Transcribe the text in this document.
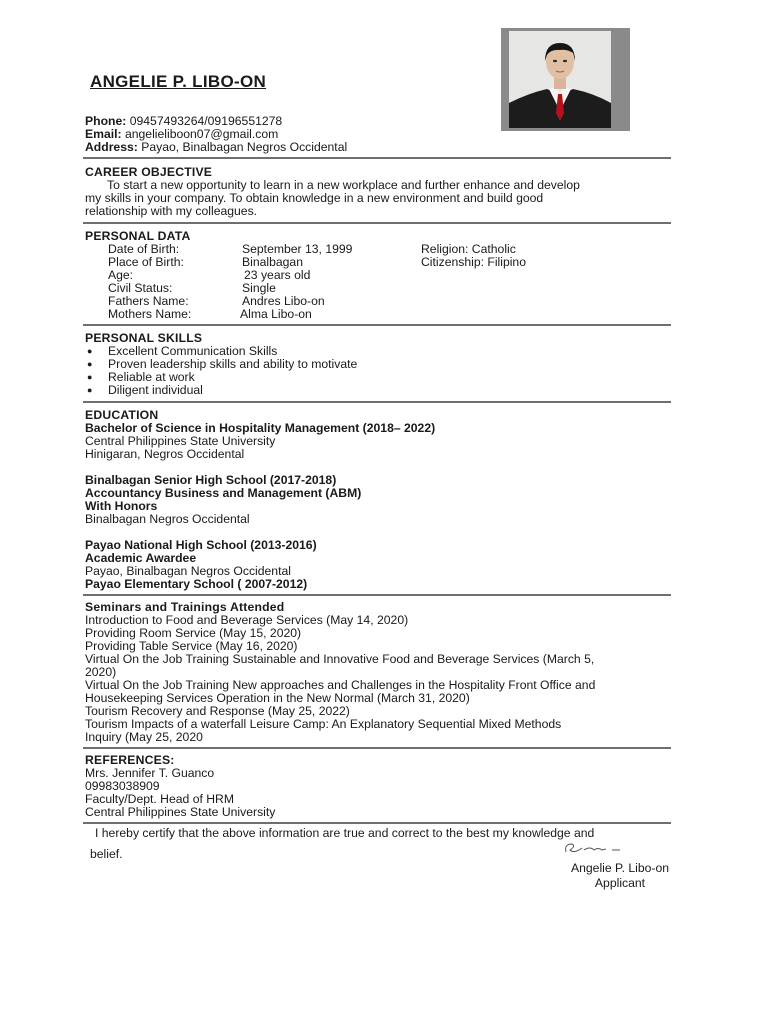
ANGELIE P. LIBO-ON
Phone: 09457493264/09196551278
Email: angelieliboon07@gmail.com
Address: Payao, Binalbagan Negros Occidental
CAREER OBJECTIVE
To start a new opportunity to learn in a new workplace and further enhance and develop
my skills in your company. To obtain knowledge in a new environment and build good
relationship with my colleagues.
PERSONAL DATA
Date of Birth:	September 13, 1999	Religion: Catholic
Place of Birth:	Binalbagan	Citizenship: Filipino
Age:	23 years old
Civil Status:	Single
Fathers Name:	Andres Libo-on
Mothers Name:	Alma Libo-on
PERSONAL SKILLS
● Excellent Communication Skills
● Proven leadership skills and ability to motivate
● Reliable at work
● Diligent individual
EDUCATION
Bachelor of Science in Hospitality Management (2018– 2022)
Central Philippines State University
Hinigaran, Negros Occidental
Binalbagan Senior High School (2017-2018)
Accountancy Business and Management (ABM)
With Honors
Binalbagan Negros Occidental
Payao National High School (2013-2016)
Academic Awardee
Payao, Binalbagan Negros Occidental
Payao Elementary School ( 2007-2012)
Seminars and Trainings Attended
Introduction to Food and Beverage Services (May 14, 2020)
Providing Room Service (May 15, 2020)
Providing Table Service (May 16, 2020)
Virtual On the Job Training Sustainable and Innovative Food and Beverage Services (March 5,
2020)
Virtual On the Job Training New approaches and Challenges in the Hospitality Front Office and
Housekeeping Services Operation in the New Normal (March 31, 2020)
Tourism Recovery and Response (May 25, 2022)
Tourism Impacts of a waterfall Leisure Camp: An Explanatory Sequential Mixed Methods
Inquiry (May 25, 2020
REFERENCES:
Mrs. Jennifer T. Guanco
09983038909
Faculty/Dept. Head of HRM
Central Philippines State University
I hereby certify that the above information are true and correct to the best my knowledge and
belief.
Angelie P. Libo-on
Applicant
